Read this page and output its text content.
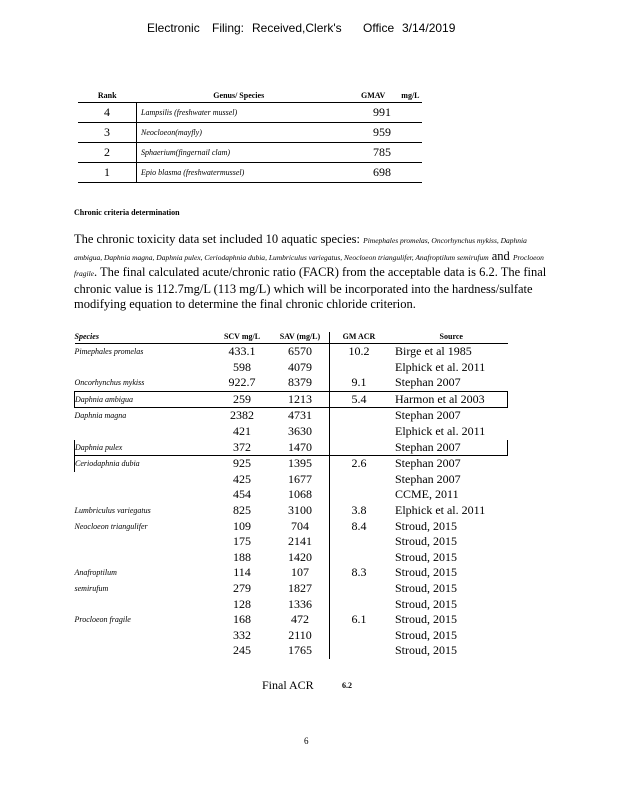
Electronic Filing: Received,Clerk's Office 3/14/2019
Rank	Genus/ Species	GMAV mg/L
4	Lampsilis (freshwater mussel)	991
3	Neocloeon(mayfly)	959
2	Sphaerium(fingernail clam)	785
1	Epio blasma (freshwatermussel)	698
Chronic criteria determination
The chronic toxicity data set included 10 aquatic species: Pimephales promelas, Oncorhynchus mykiss, Daphnia ambigua, Daphnia magna, Daphnia pulex, Ceriodaphnia dubia, Lumbriculus variegatus, Neocloeon triangulifer, Anafroptilum semirufum and Procloeon fragile. The final calculated acute/chronic ratio (FACR) from the acceptable data is 6.2. The final chronic value is 112.7mg/L (113 mg/L) which will be incorporated into the hardness/sulfate modifying equation to determine the final chronic chloride criterion.
Species	SCV mg/L	SAV (mg/L)	GM ACR	Source
Pimephales promelas	433.1	6570	10.2	Birge et al 1985
	598	4079		Elphick et al. 2011
Oncorhynchus mykiss	922.7	8379	9.1	Stephan 2007
Daphnia ambigua	259	1213	5.4	Harmon et al 2003
Daphnia magna	2382	4731		Stephan 2007
	421	3630		Elphick et al. 2011
Daphnia pulex	372	1470		Stephan 2007
Ceriodaphnia dubia	925	1395	2.6	Stephan 2007
	425	1677		Stephan 2007
	454	1068		CCME, 2011
Lumbriculus variegatus	825	3100	3.8	Elphick et al. 2011
Neocloeon triangulifer	109	704	8.4	Stroud, 2015
	175	2141		Stroud, 2015
	188	1420		Stroud, 2015
Anafroptilum	114	107	8.3	Stroud, 2015
semirufum	279	1827		Stroud, 2015
	128	1336		Stroud, 2015
Procloeon fragile	168	472	6.1	Stroud, 2015
	332	2110		Stroud, 2015
	245	1765		Stroud, 2015
Final ACR	6.2
6
